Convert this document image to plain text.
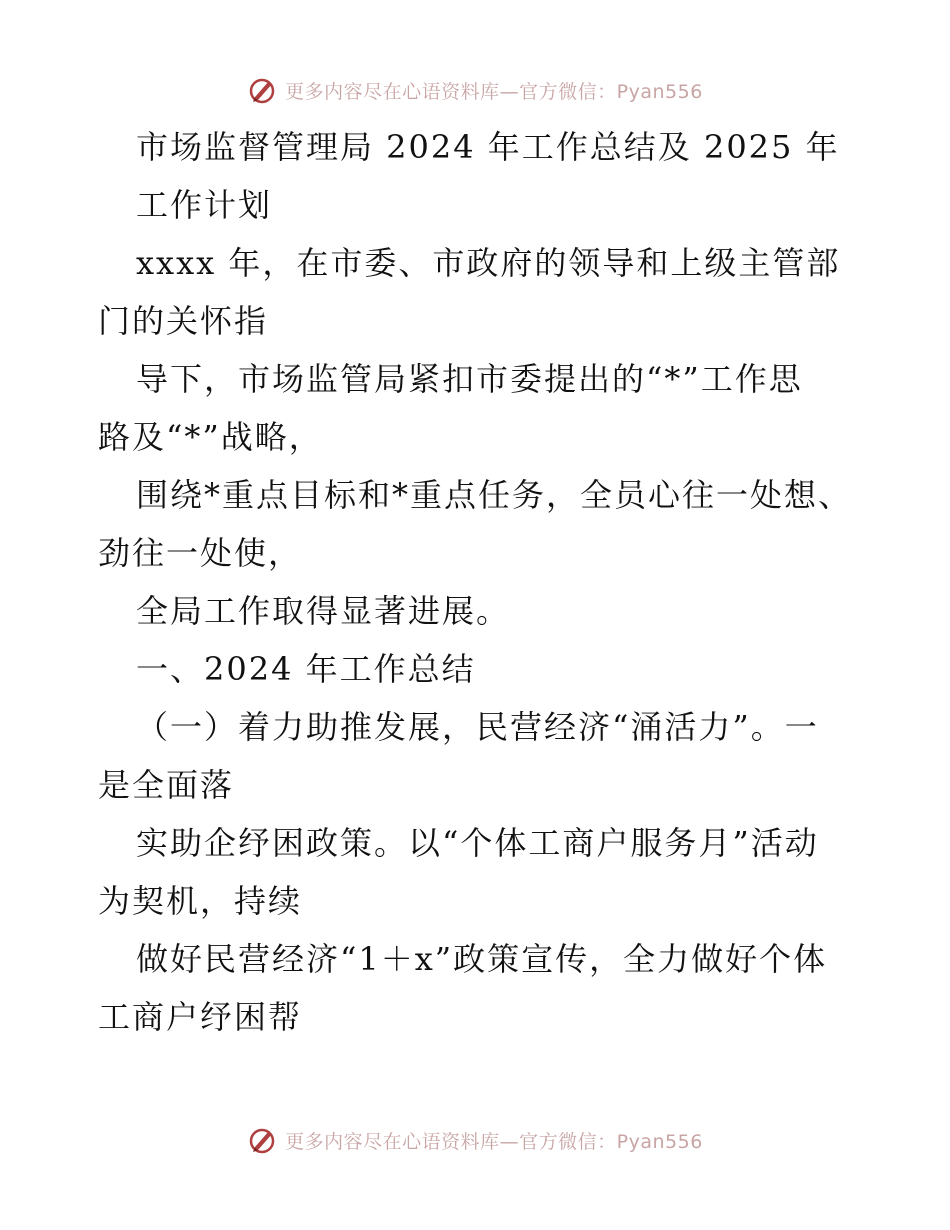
更多内容尽在心语资料库—官方微信：Pyan556
市场监督管理局 2024 年工作总结及 2025 年
工作计划
xxxx 年，在市委、市政府的领导和上级主管部
门的关怀指
导下，市场监管局紧扣市委提出的“*”工作思
路及“*”战略，
围绕*重点目标和*重点任务，全员心往一处想、
劲往一处使，
全局工作取得显著进展。
一、2024 年工作总结
（一）着力助推发展，民营经济“涌活力”。一
是全面落
实助企纾困政策。以“个体工商户服务月”活动
为契机，持续
做好民营经济“1＋x”政策宣传，全力做好个体
工商户纾困帮
更多内容尽在心语资料库—官方微信：Pyan556
